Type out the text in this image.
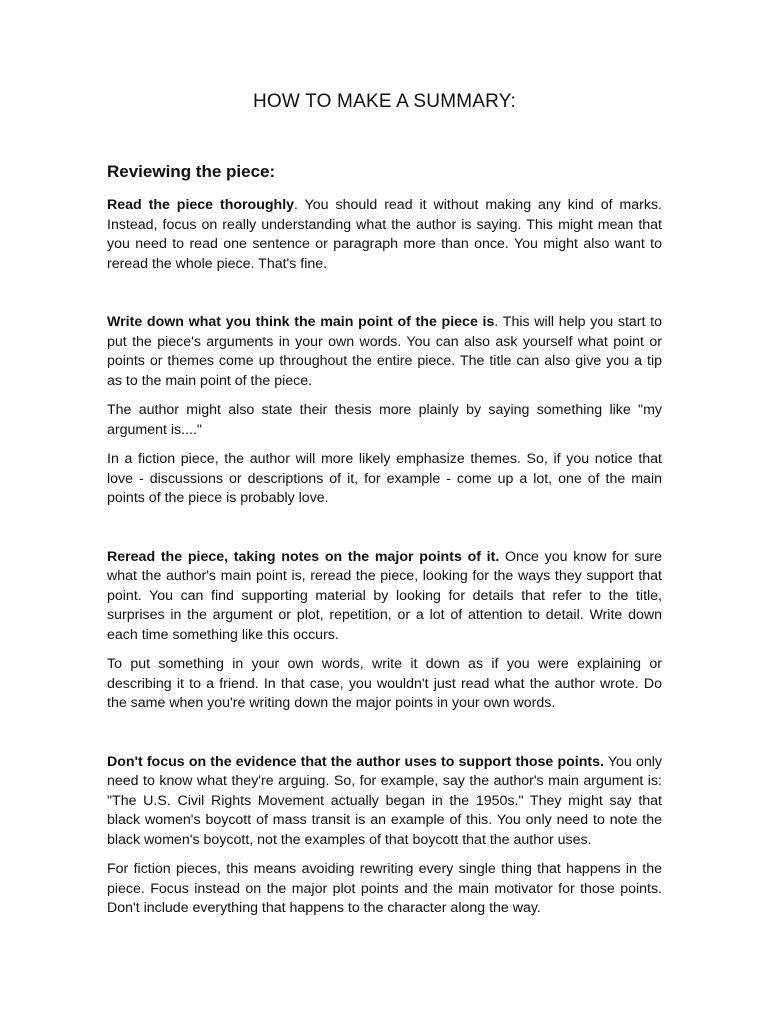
HOW TO MAKE A SUMMARY:
Reviewing the piece:

Read the piece thoroughly. You should read it without making any kind of marks. Instead, focus on really understanding what the author is saying. This might mean that you need to read one sentence or paragraph more than once. You might also want to reread the whole piece. That's fine.

Write down what you think the main point of the piece is. This will help you start to put the piece's arguments in your own words. You can also ask yourself what point or points or themes come up throughout the entire piece. The title can also give you a tip as to the main point of the piece.

The author might also state their thesis more plainly by saying something like "my argument is...."

In a fiction piece, the author will more likely emphasize themes. So, if you notice that love - discussions or descriptions of it, for example - come up a lot, one of the main points of the piece is probably love.

Reread the piece, taking notes on the major points of it. Once you know for sure what the author's main point is, reread the piece, looking for the ways they support that point. You can find supporting material by looking for details that refer to the title, surprises in the argument or plot, repetition, or a lot of attention to detail. Write down each time something like this occurs.

To put something in your own words, write it down as if you were explaining or describing it to a friend. In that case, you wouldn't just read what the author wrote. Do the same when you're writing down the major points in your own words.

Don't focus on the evidence that the author uses to support those points. You only need to know what they're arguing. So, for example, say the author's main argument is: "The U.S. Civil Rights Movement actually began in the 1950s." They might say that black women's boycott of mass transit is an example of this. You only need to note the black women's boycott, not the examples of that boycott that the author uses.

For fiction pieces, this means avoiding rewriting every single thing that happens in the piece. Focus instead on the major plot points and the main motivator for those points. Don't include everything that happens to the character along the way.
